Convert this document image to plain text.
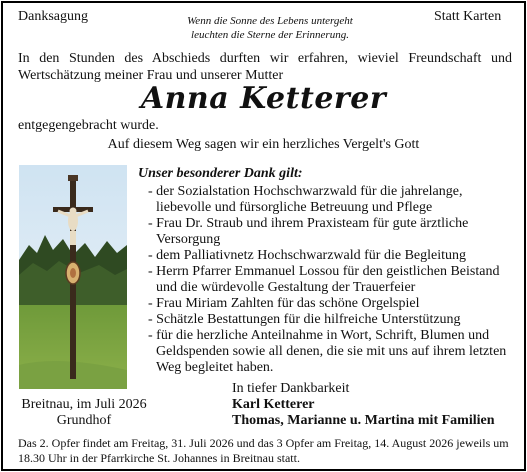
Danksagung	Statt Karten
Wenn die Sonne des Lebens untergeht
leuchten die Sterne der Erinnerung.
In den Stunden des Abschieds durften wir erfahren, wieviel Freundschaft und Wertschätzung meiner Frau und unserer Mutter
Anna Ketterer
entgegengebracht wurde.
Auf diesem Weg sagen wir ein herzliches Vergelt's Gott
Unser besonderer Dank gilt:
- der Sozialstation Hochschwarzwald für die jahrelange, liebevolle und fürsorgliche Betreuung und Pflege
- Frau Dr. Straub und ihrem Praxisteam für gute ärztliche Versorgung
- dem Palliativnetz Hochschwarzwald für die Begleitung
- Herrn Pfarrer Emmanuel Lossou für den geistlichen Beistand und die würdevolle Gestaltung der Trauerfeier
- Frau Miriam Zahlten für das schöne Orgelspiel
- Schätzle Bestattungen für die hilfreiche Unterstützung
- für die herzliche Anteilnahme in Wort, Schrift, Blumen und Geldspenden sowie all denen, die sie mit uns auf ihrem letzten Weg begleitet haben.
Breitnau, im Juli 2026
Grundhof
In tiefer Dankbarkeit
Karl Ketterer
Thomas, Marianne u. Martina mit Familien
Das 2. Opfer findet am Freitag, 31. Juli 2026 und das 3 Opfer am Freitag, 14. August 2026 jeweils um 18.30 Uhr in der Pfarrkirche St. Johannes in Breitnau statt.
